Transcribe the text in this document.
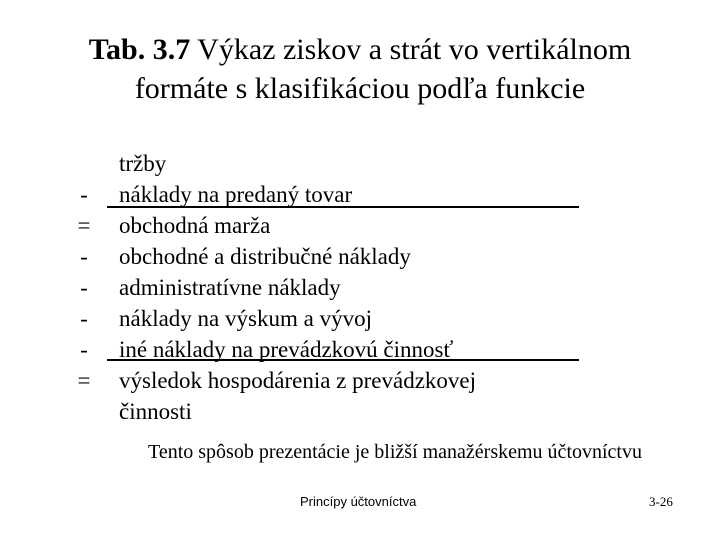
Tab. 3.7 Výkaz ziskov a strát vo vertikálnom
formáte s klasifikáciou podľa funkcie
tržby
-	náklady na predaný tovar
= obchodná marža
-	obchodné a distribučné náklady
-	administratívne náklady
-	náklady na výskum a vývoj
-	iné náklady na prevádzkovú činnosť
= výsledok hospodárenia z prevádzkovej
činnosti
Tento spôsob prezentácie je bližší manažérskemu účtovníctvu
Princípy účtovníctva	3-26
